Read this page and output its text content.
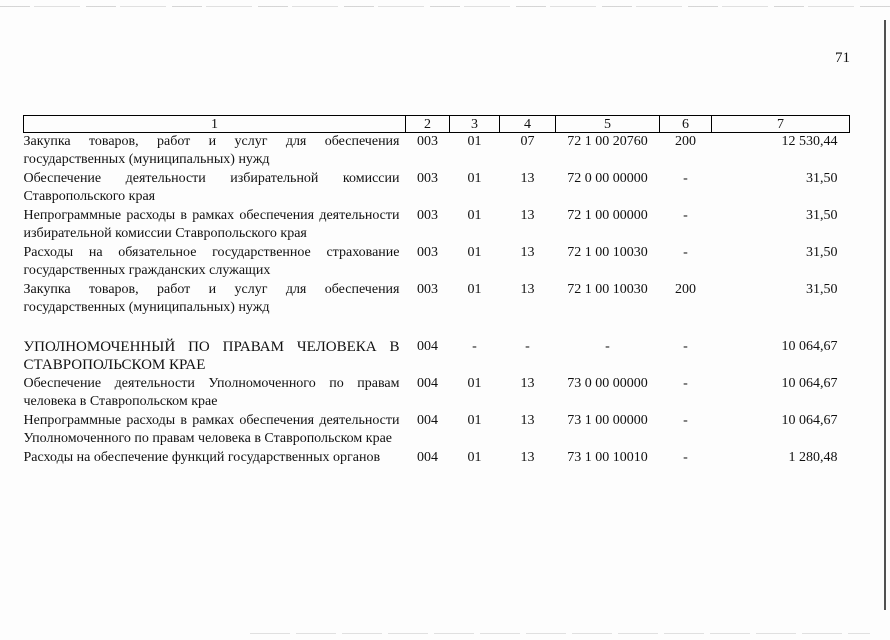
71
1	2	3	4	5	6	7
Закупка товаров, работ и услуг для обеспечения государственных (муниципальных) нужд	003	01	07	72 1 00 20760	200	12 530,44
Обеспечение деятельности избирательной комиссии Ставропольского края	003	01	13	72 0 00 00000	-	31,50
Непрограммные расходы в рамках обеспечения деятельности избирательной комиссии Ставропольского края	003	01	13	72 1 00 00000	-	31,50
Расходы на обязательное государственное страхование государственных гражданских служащих	003	01	13	72 1 00 10030	-	31,50
Закупка товаров, работ и услуг для обеспечения государственных (муниципальных) нужд	003	01	13	72 1 00 10030	200	31,50
УПОЛНОМОЧЕННЫЙ ПО ПРАВАМ ЧЕЛОВЕКА В СТАВРОПОЛЬСКОМ КРАЕ	004	-	-	-	-	10 064,67
Обеспечение деятельности Уполномоченного по правам человека в Ставропольском крае	004	01	13	73 0 00 00000	-	10 064,67
Непрограммные расходы в рамках обеспечения деятельности Уполномоченного по правам человека в Ставропольском крае	004	01	13	73 1 00 00000	-	10 064,67
Расходы на обеспечение функций государственных органов	004	01	13	73 1 00 10010	-	1 280,48
